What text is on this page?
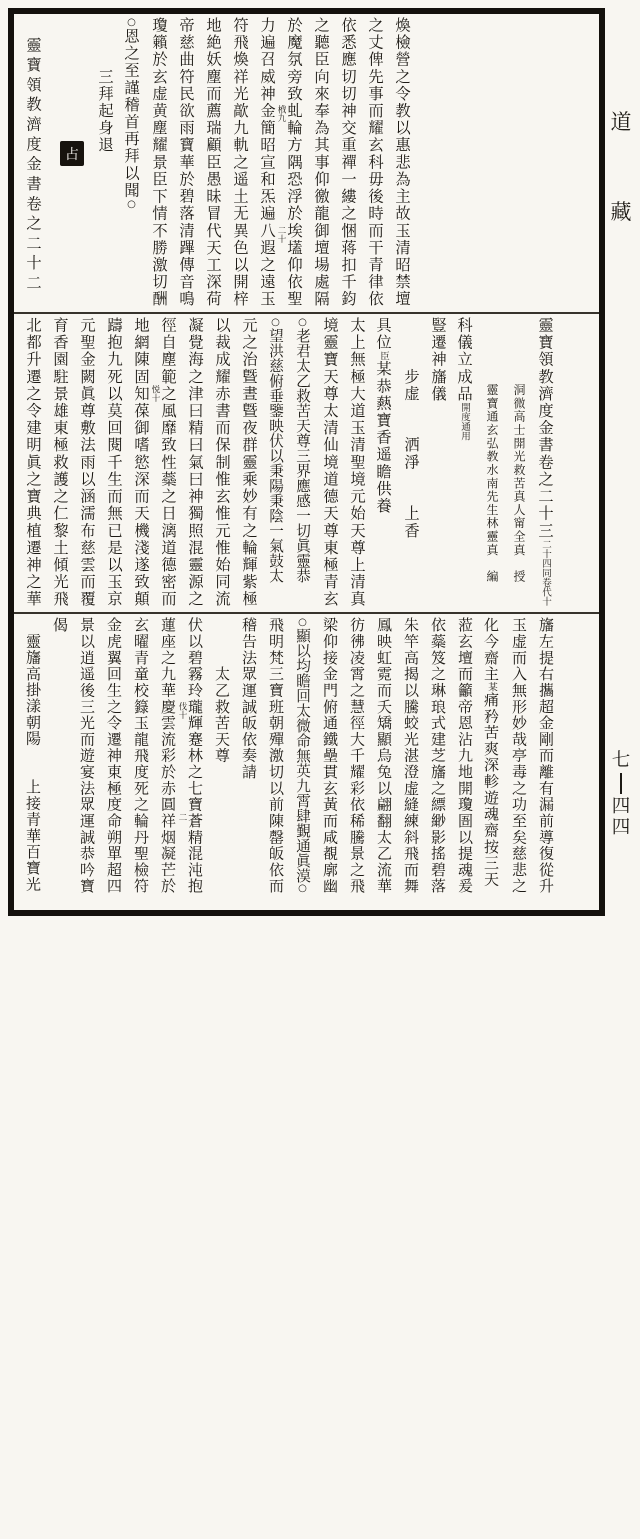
煥檢營之令教以惠悲為主故玉清昭禁壇
之丈俾先事而耀玄科毋後時而干青律依
依悉應切切神交重禪一縷之悃蒋扣千鈞
之聽臣向來奉為其事仰徼龍御壇場處隔
於魔氛旁致虬輪方隅恐浮於埃壒仰依聖
栰九
二十
力遍召威神金簡昭宣和炁遍八遐之遠玉
符飛煥祥光歊九軌之遥土无異色以開梓
地絶妖塵而薦瑞顧臣愚昧冒代天工深荷
帝慈曲符民欲雨寶華於碧落清蹕傳音鳴
瓊籟於玄虚黄塵耀景臣下情不勝激切酬
○恩之至謹稽首再拜以聞○
　　　三拜起身退
　靈寶領教濟度金書卷之二十二
靈寶領教濟度金書卷之二十三二十四同卷代十
　　　　　洞微高士開光救苦真人甯全真　授
　　　　　靈寶通玄弘教水南先生林靈真　編
科儀立成品開度通用
豎遷神旛儀
　　　步虚　　洒淨　　上香
具位臣某恭爇寶香遥瞻供養
太上無極大道玉清聖境元始天尊上清真
境靈寶天尊太清仙境道德天尊東極青玄
○老君太乙救苦天尊三界應感一切眞靈恭
○望洪慈俯垂鑒映伏以秉陽秉陰一氣鼓太
元之治曁晝曁夜群靈乘妙有之輪輝紫極
以裁成耀赤書而保制惟玄惟元惟始同流
凝覺海之津曰精曰氣曰神獨照混靈源之
徑自塵範之風靡致性蘂之日漓道德密而
悦十
地網陳固知葆御嗜慾深而天機淺遂致顛
躊抱九死以莫回閱千生而無已是以玉京
元聖金闕眞尊敷法雨以涵濡布慈雲而覆
育香園駐景雄東極救護之仁黎土傾光飛
北都升遷之令建明眞之寶典植遷神之華
旛左提右攜超金剛而離有漏前導復從升
玉虚而入無形妙哉亭毒之功至矣慈悲之
化今齋主某痛矜苦爽深軫遊魂齋按三天
蒞玄壇而籲帝恩沾九地開瓊圄以提魂爰
依蘂笈之琳琅式建芝旛之縹緲影搖碧落
朱竿高揭以騰蛟光湛澄虚縫練斜飛而舞
鳳映虹霓而夭矯顯烏兔以翩翻太乙流華
彷彿凌霄之慧徑大千耀彩依稀騰景之飛
梁仰接金門俯通鐵壘貫玄黃而咸覩廓幽
○顯以均瞻回太微命無英九霄肆覲通眞漠○
飛明梵三寶班朝殫激切以前陳罄皈依而
稽告法眾運誠皈依奏請
　　　太乙救苦天尊
伏以碧霧玲瓏輝蹇林之七寶蒼精混沌抱
伐十
二
蓮座之九華慶雲流彩於赤圓祥烟凝芒於
玄曜青童校籙玉龍飛度死之輪丹聖檢符
金虎翼回生之令遷神東極度命朔單超四
景以逍遥後三光而遊宴法眾運誠恭吟寶
偈
　靈旛高掛漾朝陽　　上接青華百寶光
占
道
藏
七
四
四
